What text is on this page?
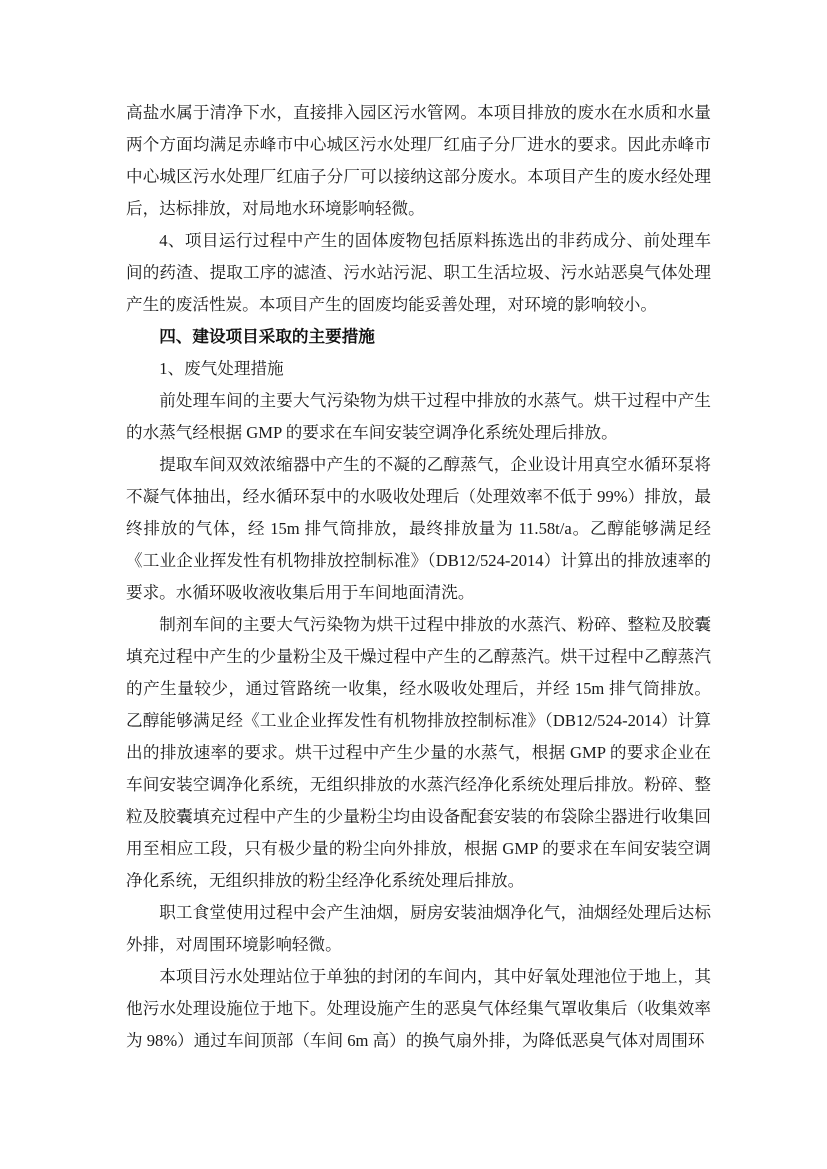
高盐水属于清净下水，直接排入园区污水管网。本项目排放的废水在水质和水量两个方面均满足赤峰市中心城区污水处理厂红庙子分厂进水的要求。因此赤峰市中心城区污水处理厂红庙子分厂可以接纳这部分废水。本项目产生的废水经处理后，达标排放，对局地水环境影响轻微。

4、项目运行过程中产生的固体废物包括原料拣选出的非药成分、前处理车间的药渣、提取工序的滤渣、污水站污泥、职工生活垃圾、污水站恶臭气体处理产生的废活性炭。本项目产生的固废均能妥善处理，对环境的影响较小。

四、建设项目采取的主要措施

1、废气处理措施

前处理车间的主要大气污染物为烘干过程中排放的水蒸气。烘干过程中产生的水蒸气经根据 GMP 的要求在车间安装空调净化系统处理后排放。

提取车间双效浓缩器中产生的不凝的乙醇蒸气，企业设计用真空水循环泵将不凝气体抽出，经水循环泵中的水吸收处理后（处理效率不低于 99%）排放，最终排放的气体，经 15m 排气筒排放，最终排放量为 11.58t/a。乙醇能够满足经《工业企业挥发性有机物排放控制标准》（DB12/524-2014）计算出的排放速率的要求。水循环吸收液收集后用于车间地面清洗。

制剂车间的主要大气污染物为烘干过程中排放的水蒸汽、粉碎、整粒及胶囊填充过程中产生的少量粉尘及干燥过程中产生的乙醇蒸汽。烘干过程中乙醇蒸汽的产生量较少，通过管路统一收集，经水吸收处理后，并经 15m 排气筒排放。乙醇能够满足经《工业企业挥发性有机物排放控制标准》（DB12/524-2014）计算出的排放速率的要求。烘干过程中产生少量的水蒸气，根据 GMP 的要求企业在车间安装空调净化系统，无组织排放的水蒸汽经净化系统处理后排放。粉碎、整粒及胶囊填充过程中产生的少量粉尘均由设备配套安装的布袋除尘器进行收集回用至相应工段，只有极少量的粉尘向外排放，根据 GMP 的要求在车间安装空调净化系统，无组织排放的粉尘经净化系统处理后排放。

职工食堂使用过程中会产生油烟，厨房安装油烟净化气，油烟经处理后达标外排，对周围环境影响轻微。

本项目污水处理站位于单独的封闭的车间内，其中好氧处理池位于地上，其他污水处理设施位于地下。处理设施产生的恶臭气体经集气罩收集后（收集效率为 98%）通过车间顶部（车间 6m 高）的换气扇外排，为降低恶臭气体对周围环
